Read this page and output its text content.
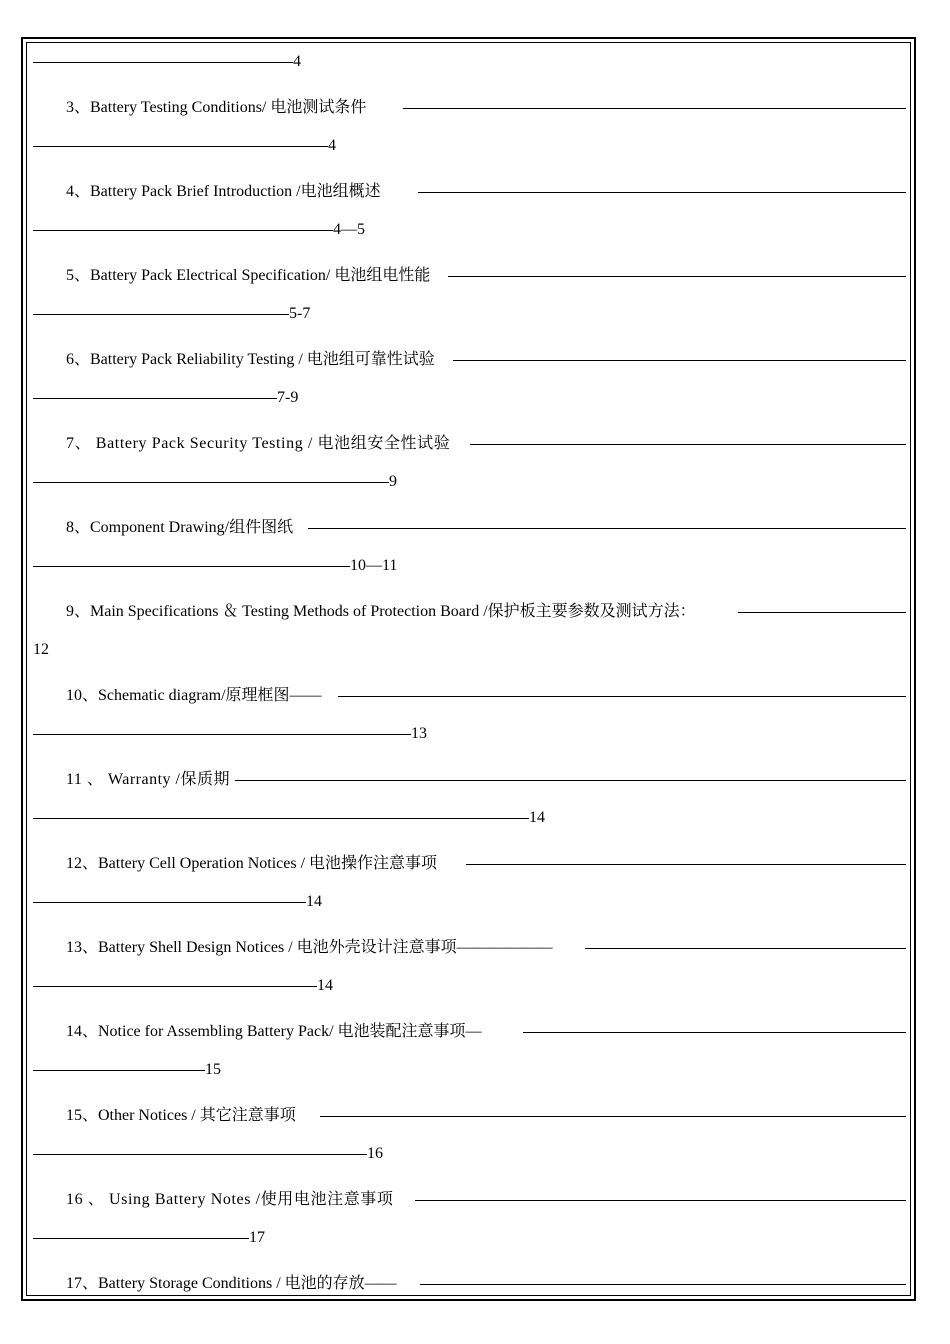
4
3、Battery Testing Conditions/ 电池测试条件
4
4、Battery Pack Brief Introduction /电池组概述
4—5
5、Battery Pack Electrical Specification/ 电池组电性能
5-7
6、Battery Pack Reliability Testing / 电池组可靠性试验
7-9
7、 Battery Pack Security Testing / 电池组安全性试验
9
8、Component Drawing/组件图纸
10—11
9、Main Specifications ＆ Testing Methods of Protection Board /保护板主要参数及测试方法：
12
10、Schematic diagram/原理框图——
13
11 、 Warranty /保质期
14
12、Battery Cell Operation Notices / 电池操作注意事项
14
13、Battery Shell Design Notices / 电池外壳设计注意事项——————
14
14、Notice for Assembling Battery Pack/ 电池装配注意事项—
15
15、Other Notices / 其它注意事项
16
16 、 Using Battery Notes /使用电池注意事项
17
17、Battery Storage Conditions / 电池的存放——
